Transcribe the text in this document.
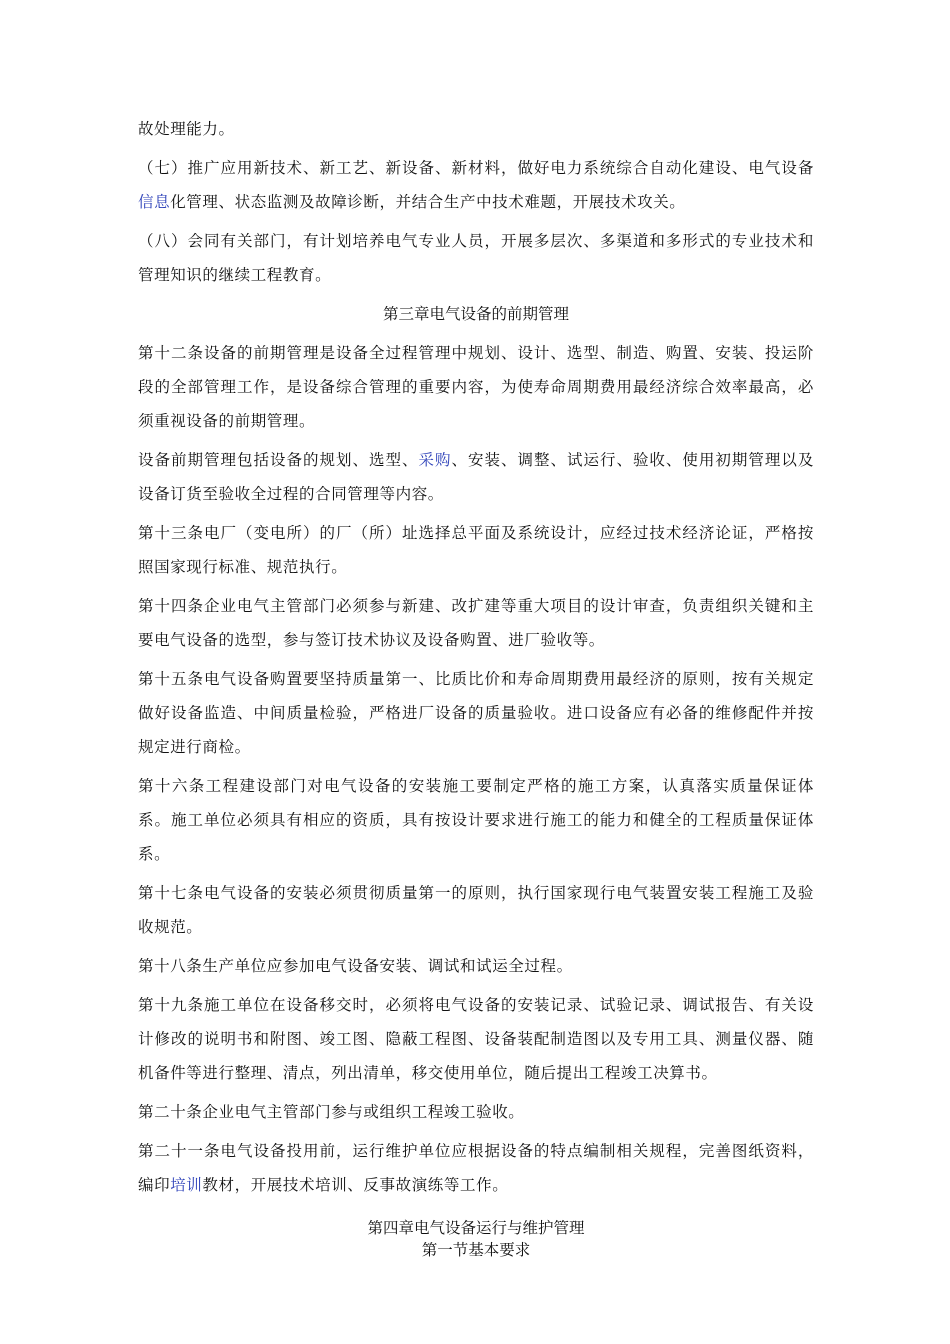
故处理能力。

（七）推广应用新技术、新工艺、新设备、新材料，做好电力系统综合自动化建设、电气设备信息化管理、状态监测及故障诊断，并结合生产中技术难题，开展技术攻关。

（八）会同有关部门，有计划培养电气专业人员，开展多层次、多渠道和多形式的专业技术和管理知识的继续工程教育。

第三章电气设备的前期管理

第十二条设备的前期管理是设备全过程管理中规划、设计、选型、制造、购置、安装、投运阶段的全部管理工作，是设备综合管理的重要内容，为使寿命周期费用最经济综合效率最高，必须重视设备的前期管理。

设备前期管理包括设备的规划、选型、采购、安装、调整、试运行、验收、使用初期管理以及设备订货至验收全过程的合同管理等内容。

第十三条电厂（变电所）的厂（所）址选择总平面及系统设计，应经过技术经济论证，严格按照国家现行标准、规范执行。

第十四条企业电气主管部门必须参与新建、改扩建等重大项目的设计审查，负责组织关键和主要电气设备的选型，参与签订技术协议及设备购置、进厂验收等。

第十五条电气设备购置要坚持质量第一、比质比价和寿命周期费用最经济的原则，按有关规定做好设备监造、中间质量检验，严格进厂设备的质量验收。进口设备应有必备的维修配件并按规定进行商检。

第十六条工程建设部门对电气设备的安装施工要制定严格的施工方案，认真落实质量保证体系。施工单位必须具有相应的资质，具有按设计要求进行施工的能力和健全的工程质量保证体系。

第十七条电气设备的安装必须贯彻质量第一的原则，执行国家现行电气装置安装工程施工及验收规范。

第十八条生产单位应参加电气设备安装、调试和试运全过程。

第十九条施工单位在设备移交时，必须将电气设备的安装记录、试验记录、调试报告、有关设计修改的说明书和附图、竣工图、隐蔽工程图、设备装配制造图以及专用工具、测量仪器、随机备件等进行整理、清点，列出清单，移交使用单位，随后提出工程竣工决算书。

第二十条企业电气主管部门参与或组织工程竣工验收。

第二十一条电气设备投用前，运行维护单位应根据设备的特点编制相关规程，完善图纸资料，编印培训教材，开展技术培训、反事故演练等工作。

第四章电气设备运行与维护管理

第一节基本要求
